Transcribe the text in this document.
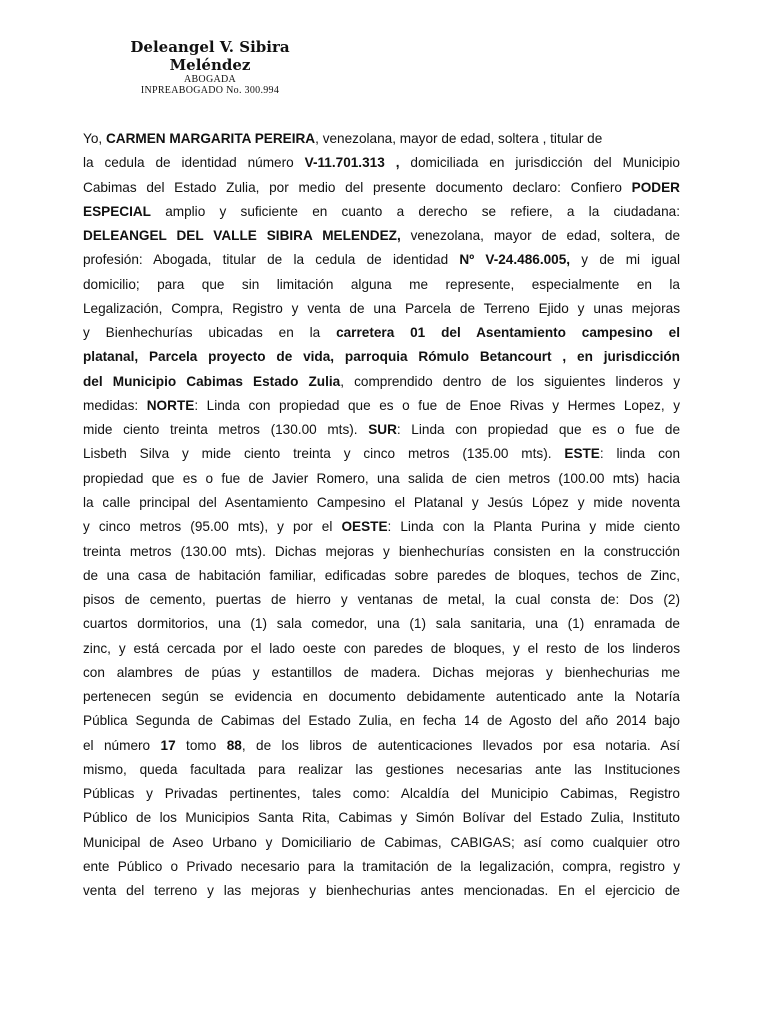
Deleangel V. Sibira
Meléndez
ABOGADA
INPREABOGADO No. 300.994
Yo, CARMEN MARGARITA PEREIRA, venezolana, mayor de edad, soltera , titular de
la cedula de identidad número V-11.701.313 , domiciliada en jurisdicción del Municipio
Cabimas del Estado Zulia, por medio del presente documento declaro: Confiero PODER
ESPECIAL amplio y suficiente en cuanto a derecho se refiere, a la ciudadana:
DELEANGEL DEL VALLE SIBIRA MELENDEZ, venezolana, mayor de edad, soltera, de
profesión: Abogada, titular de la cedula de identidad Nº V-24.486.005, y de mi igual
domicilio; para que sin limitación alguna me represente, especialmente en la
Legalización, Compra, Registro y venta de una Parcela de Terreno Ejido y unas mejoras
y Bienhechurías ubicadas en la carretera 01 del Asentamiento campesino el
platanal, Parcela proyecto de vida, parroquia Rómulo Betancourt , en jurisdicción
del Municipio Cabimas Estado Zulia, comprendido dentro de los siguientes linderos y
medidas: NORTE: Linda con propiedad que es o fue de Enoe Rivas y Hermes Lopez, y
mide ciento treinta metros (130.00 mts). SUR: Linda con propiedad que es o fue de
Lisbeth Silva y mide ciento treinta y cinco metros (135.00 mts). ESTE: linda con
propiedad que es o fue de Javier Romero, una salida de cien metros (100.00 mts) hacia
la calle principal del Asentamiento Campesino el Platanal y Jesús López y mide noventa
y cinco metros (95.00 mts), y por el OESTE: Linda con la Planta Purina y mide ciento
treinta metros (130.00 mts). Dichas mejoras y bienhechurías consisten en la construcción
de una casa de habitación familiar, edificadas sobre paredes de bloques, techos de Zinc,
pisos de cemento, puertas de hierro y ventanas de metal, la cual consta de: Dos (2)
cuartos dormitorios, una (1) sala comedor, una (1) sala sanitaria, una (1) enramada de
zinc, y está cercada por el lado oeste con paredes de bloques, y el resto de los linderos
con alambres de púas y estantillos de madera. Dichas mejoras y bienhechurias me
pertenecen según se evidencia en documento debidamente autenticado ante la Notaría
Pública Segunda de Cabimas del Estado Zulia, en fecha 14 de Agosto del año 2014 bajo
el número 17 tomo 88, de los libros de autenticaciones llevados por esa notaria. Así
mismo, queda facultada para realizar las gestiones necesarias ante las Instituciones
Públicas y Privadas pertinentes, tales como: Alcaldía del Municipio Cabimas, Registro
Público de los Municipios Santa Rita, Cabimas y Simón Bolívar del Estado Zulia, Instituto
Municipal de Aseo Urbano y Domiciliario de Cabimas, CABIGAS; así como cualquier otro
ente Público o Privado necesario para la tramitación de la legalización, compra, registro y
venta del terreno y las mejoras y bienhechurias antes mencionadas. En el ejercicio de
